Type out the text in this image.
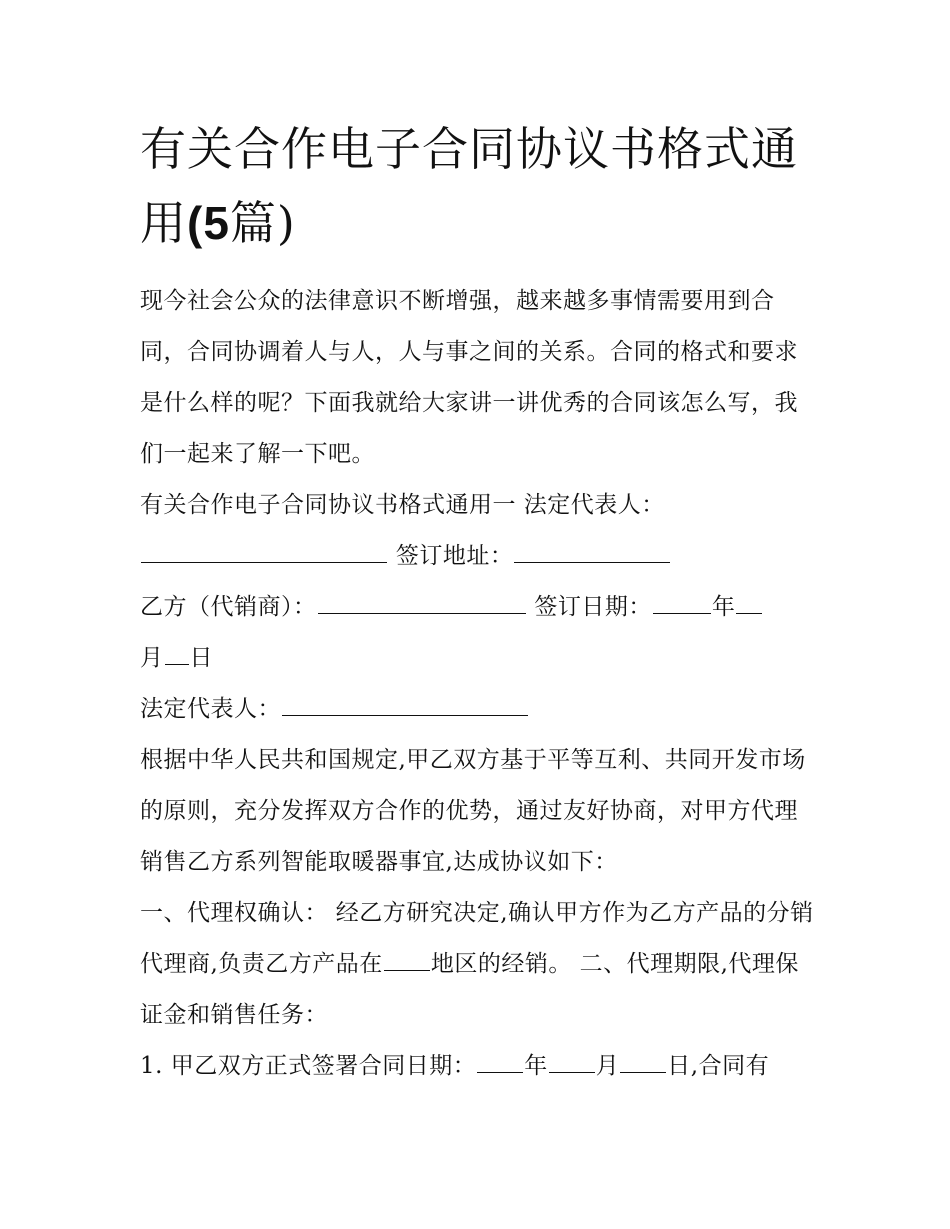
有关合作电子合同协议书格式通用(5篇)

现今社会公众的法律意识不断增强，越来越多事情需要用到合同，合同协调着人与人，人与事之间的关系。合同的格式和要求是什么样的呢？下面我就给大家讲一讲优秀的合同该怎么写，我们一起来了解一下吧。

有关合作电子合同协议书格式通用一 法定代表人：

签订地址：

乙方（代销商）：	签订日期：	年
月 日

法定代表人：

根据中华人民共和国规定,甲乙双方基于平等互利、共同开发市场的原则，充分发挥双方合作的优势，通过友好协商，对甲方代理销售乙方系列智能取暖器事宜,达成协议如下：

一、代理权确认： 经乙方研究决定,确认甲方作为乙方产品的分销代理商,负责乙方产品在 地区的经销。 二、代理期限,代理保证金和销售任务：

1. 甲乙双方正式签署合同日期： 年 月 日,合同有
